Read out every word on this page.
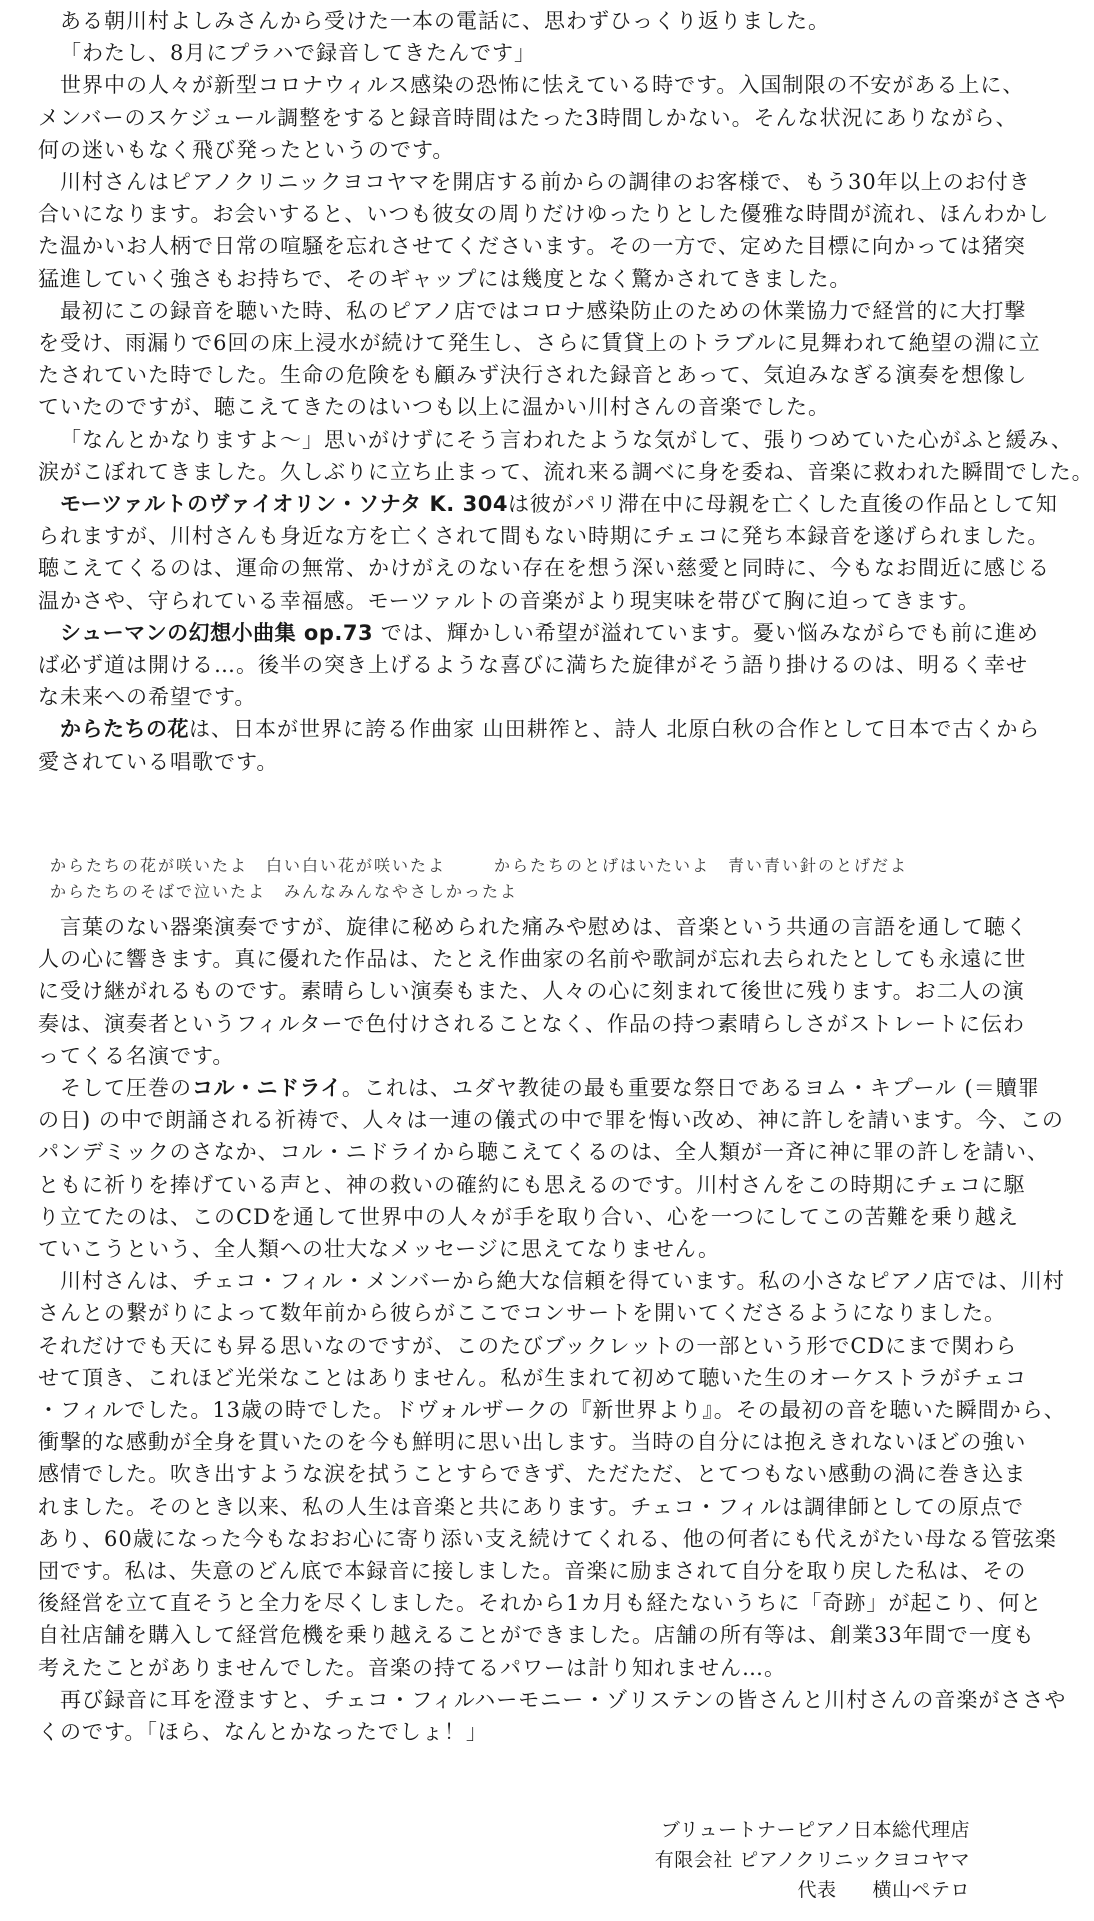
ある朝川村よしみさんから受けた一本の電話に、思わずひっくり返りました。

「わたし、8月にプラハで録音してきたんです」

世界中の人々が新型コロナウィルス感染の恐怖に怯えている時です。入国制限の不安がある上に、

メンバーのスケジュール調整をすると録音時間はたった3時間しかない。そんな状況にありながら、

何の迷いもなく飛び発ったというのです。

川村さんはピアノクリニックヨコヤマを開店する前からの調律のお客様で、もう30年以上のお付き

合いになります。お会いすると、いつも彼女の周りだけゆったりとした優雅な時間が流れ、ほんわかし

た温かいお人柄で日常の喧騒を忘れさせてくださいます。その一方で、定めた目標に向かっては猪突

猛進していく強さもお持ちで、そのギャップには幾度となく驚かされてきました。

最初にこの録音を聴いた時、私のピアノ店ではコロナ感染防止のための休業協力で経営的に大打撃

を受け、雨漏りで6回の床上浸水が続けて発生し、さらに賃貸上のトラブルに見舞われて絶望の淵に立

たされていた時でした。生命の危険をも顧みず決行された録音とあって、気迫みなぎる演奏を想像し

ていたのですが、聴こえてきたのはいつも以上に温かい川村さんの音楽でした。

「なんとかなりますよ～」思いがけずにそう言われたような気がして、張りつめていた心がふと緩み、

涙がこぼれてきました。久しぶりに立ち止まって、流れ来る調べに身を委ね、音楽に救われた瞬間でした。

モーツァルトのヴァイオリン・ソナタ K. 304は彼がパリ滞在中に母親を亡くした直後の作品として知

られますが、川村さんも身近な方を亡くされて間もない時期にチェコに発ち本録音を遂げられました。

聴こえてくるのは、運命の無常、かけがえのない存在を想う深い慈愛と同時に、今もなお間近に感じる

温かさや、守られている幸福感。モーツァルトの音楽がより現実味を帯びて胸に迫ってきます。

シューマンの幻想小曲集 op.73 では、輝かしい希望が溢れています。憂い悩みながらでも前に進め

ば必ず道は開ける…。後半の突き上げるような喜びに満ちた旋律がそう語り掛けるのは、明るく幸せ

な未来への希望です。

からたちの花は、日本が世界に誇る作曲家 山田耕筰と、詩人 北原白秋の合作として日本で古くから

愛されている唱歌です。

からたちの花が咲いたよ　白い白い花が咲いたよ	からたちのとげはいたいよ　青い青い針のとげだよ
からたちのそばで泣いたよ　みんなみんなやさしかったよ

言葉のない器楽演奏ですが、旋律に秘められた痛みや慰めは、音楽という共通の言語を通して聴く

人の心に響きます。真に優れた作品は、たとえ作曲家の名前や歌詞が忘れ去られたとしても永遠に世

に受け継がれるものです。素晴らしい演奏もまた、人々の心に刻まれて後世に残ります。お二人の演

奏は、演奏者というフィルターで色付けされることなく、作品の持つ素晴らしさがストレートに伝わ

ってくる名演です。

そして圧巻のコル・ニドライ。これは、ユダヤ教徒の最も重要な祭日であるヨム・キプール (＝贖罪

の日) の中で朗誦される祈祷で、人々は一連の儀式の中で罪を悔い改め、神に許しを請います。今、この

パンデミックのさなか、コル・ニドライから聴こえてくるのは、全人類が一斉に神に罪の許しを請い、

ともに祈りを捧げている声と、神の救いの確約にも思えるのです。川村さんをこの時期にチェコに駆

り立てたのは、このCDを通して世界中の人々が手を取り合い、心を一つにしてこの苦難を乗り越え

ていこうという、全人類への壮大なメッセージに思えてなりません。

川村さんは、チェコ・フィル・メンバーから絶大な信頼を得ています。私の小さなピアノ店では、川村

さんとの繋がりによって数年前から彼らがここでコンサートを開いてくださるようになりました。

それだけでも天にも昇る思いなのですが、このたびブックレットの一部という形でCDにまで関わら

せて頂き、これほど光栄なことはありません。私が生まれて初めて聴いた生のオーケストラがチェコ

・フィルでした。13歳の時でした。ドヴォルザークの『新世界より』。その最初の音を聴いた瞬間から、

衝撃的な感動が全身を貫いたのを今も鮮明に思い出します。当時の自分には抱えきれないほどの強い

感情でした。吹き出すような涙を拭うことすらできず、ただただ、とてつもない感動の渦に巻き込ま

れました。そのとき以来、私の人生は音楽と共にあります。チェコ・フィルは調律師としての原点で

あり、60歳になった今もなおお心に寄り添い支え続けてくれる、他の何者にも代えがたい母なる管弦楽

団です。私は、失意のどん底で本録音に接しました。音楽に励まされて自分を取り戻した私は、その

後経営を立て直そうと全力を尽くしました。それから1カ月も経たないうちに「奇跡」が起こり、何と

自社店舗を購入して経営危機を乗り越えることができました。店舗の所有等は、創業33年間で一度も

考えたことがありませんでした。音楽の持てるパワーは計り知れません…。

再び録音に耳を澄ますと、チェコ・フィルハーモニー・ゾリステンの皆さんと川村さんの音楽がささや

くのです。「ほら、なんとかなったでしょ！」

ブリュートナーピアノ日本総代理店
有限会社 ピアノクリニックヨコヤマ
代表 横山ペテロ
